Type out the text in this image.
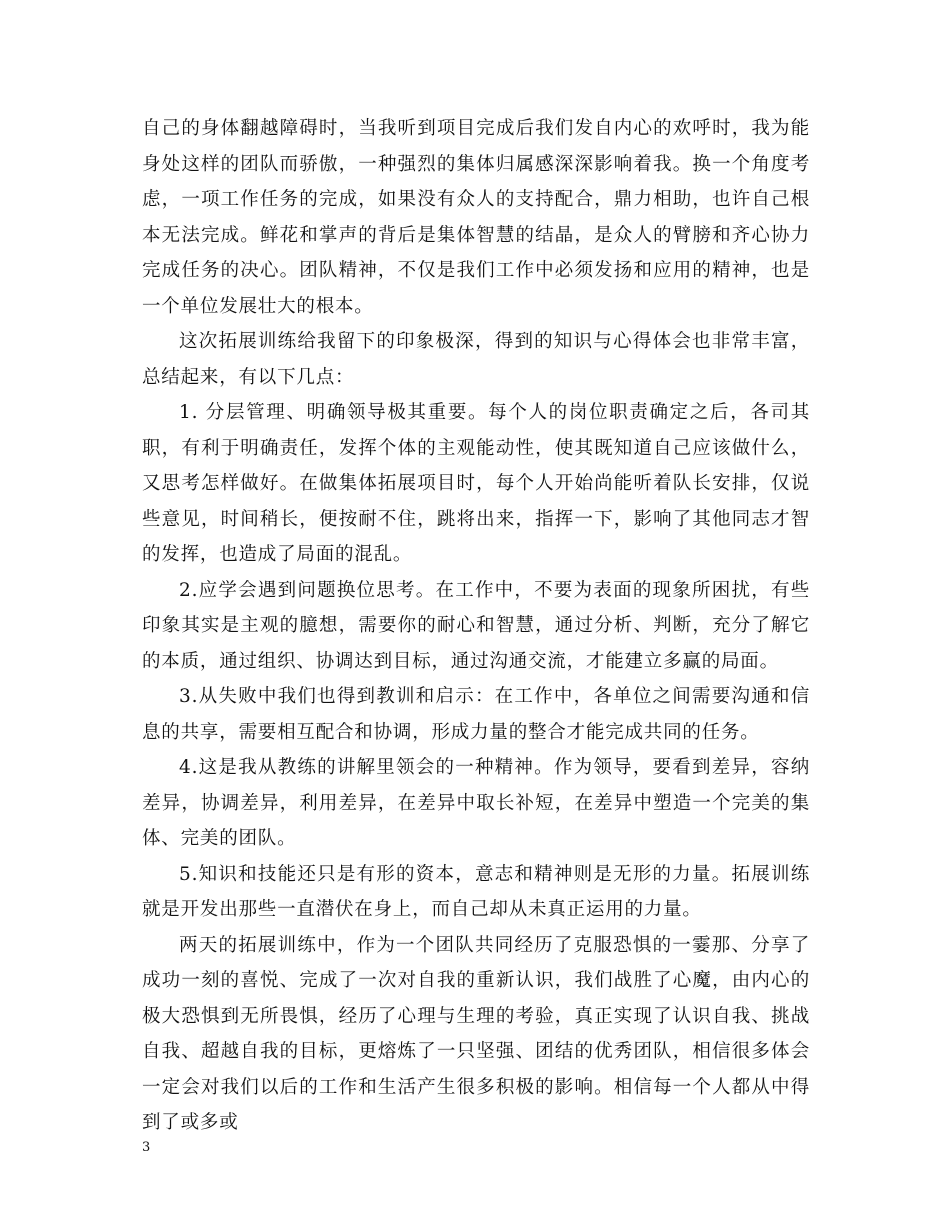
自己的身体翻越障碍时，当我听到项目完成后我们发自内心的欢呼时，我为能身处这样的团队而骄傲，一种强烈的集体归属感深深影响着我。换一个角度考虑，一项工作任务的完成，如果没有众人的支持配合，鼎力相助，也许自己根本无法完成。鲜花和掌声的背后是集体智慧的结晶，是众人的臂膀和齐心协力完成任务的决心。团队精神，不仅是我们工作中必须发扬和应用的精神，也是一个单位发展壮大的根本。

这次拓展训练给我留下的印象极深，得到的知识与心得体会也非常丰富，总结起来，有以下几点：

1. 分层管理、明确领导极其重要。每个人的岗位职责确定之后，各司其职，有利于明确责任，发挥个体的主观能动性，使其既知道自己应该做什么，又思考怎样做好。在做集体拓展项目时，每个人开始尚能听着队长安排，仅说些意见，时间稍长，便按耐不住，跳将出来，指挥一下，影响了其他同志才智的发挥，也造成了局面的混乱。

2.应学会遇到问题换位思考。在工作中，不要为表面的现象所困扰，有些印象其实是主观的臆想，需要你的耐心和智慧，通过分析、判断，充分了解它的本质，通过组织、协调达到目标，通过沟通交流，才能建立多赢的局面。

3.从失败中我们也得到教训和启示：在工作中，各单位之间需要沟通和信息的共享，需要相互配合和协调，形成力量的整合才能完成共同的任务。

4.这是我从教练的讲解里领会的一种精神。作为领导，要看到差异，容纳差异，协调差异，利用差异，在差异中取长补短，在差异中塑造一个完美的集体、完美的团队。

5.知识和技能还只是有形的资本，意志和精神则是无形的力量。拓展训练就是开发出那些一直潜伏在身上，而自己却从未真正运用的力量。

两天的拓展训练中，作为一个团队共同经历了克服恐惧的一霎那、分享了成功一刻的喜悦、完成了一次对自我的重新认识，我们战胜了心魔，由内心的极大恐惧到无所畏惧，经历了心理与生理的考验，真正实现了认识自我、挑战自我、超越自我的目标，更熔炼了一只坚强、团结的优秀团队，相信很多体会一定会对我们以后的工作和生活产生很多积极的影响。相信每一个人都从中得到了或多或

3
